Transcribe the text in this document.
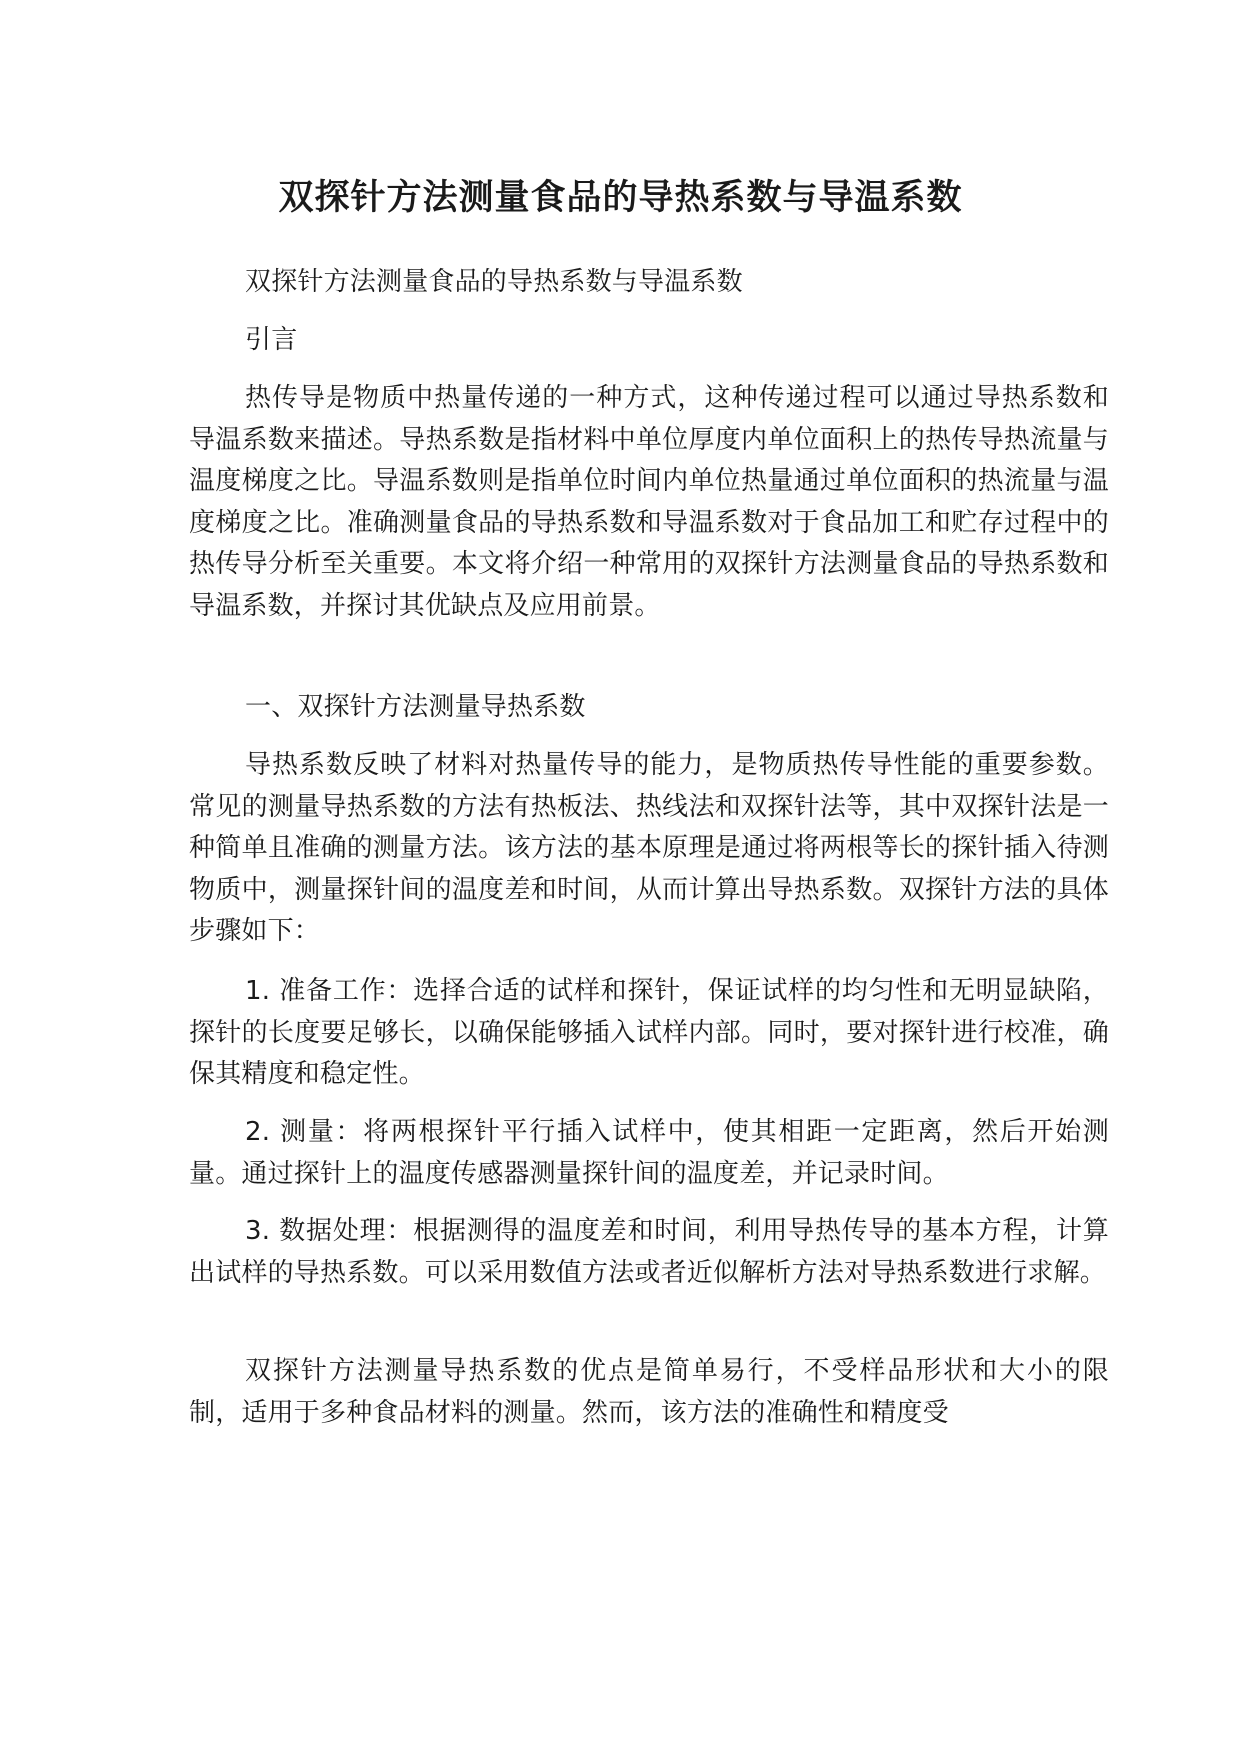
双探针方法测量食品的导热系数与导温系数

双探针方法测量食品的导热系数与导温系数

引言

热传导是物质中热量传递的一种方式，这种传递过程可以通过导热系数和导温系数来描述。导热系数是指材料中单位厚度内单位面积上的热传导热流量与温度梯度之比。导温系数则是指单位时间内单位热量通过单位面积的热流量与温度梯度之比。准确测量食品的导热系数和导温系数对于食品加工和贮存过程中的热传导分析至关重要。本文将介绍一种常用的双探针方法测量食品的导热系数和导温系数，并探讨其优缺点及应用前景。

一、双探针方法测量导热系数

导热系数反映了材料对热量传导的能力，是物质热传导性能的重要参数。常见的测量导热系数的方法有热板法、热线法和双探针法等，其中双探针法是一种简单且准确的测量方法。该方法的基本原理是通过将两根等长的探针插入待测物质中，测量探针间的温度差和时间，从而计算出导热系数。双探针方法的具体步骤如下：

1. 准备工作：选择合适的试样和探针，保证试样的均匀性和无明显缺陷，探针的长度要足够长，以确保能够插入试样内部。同时，要对探针进行校准，确保其精度和稳定性。

2. 测量：将两根探针平行插入试样中，使其相距一定距离，然后开始测量。通过探针上的温度传感器测量探针间的温度差，并记录时间。

3. 数据处理：根据测得的温度差和时间，利用导热传导的基本方程，计算出试样的导热系数。可以采用数值方法或者近似解析方法对导热系数进行求解。

双探针方法测量导热系数的优点是简单易行，不受样品形状和大小的限制，适用于多种食品材料的测量。然而，该方法的准确性和精度受
